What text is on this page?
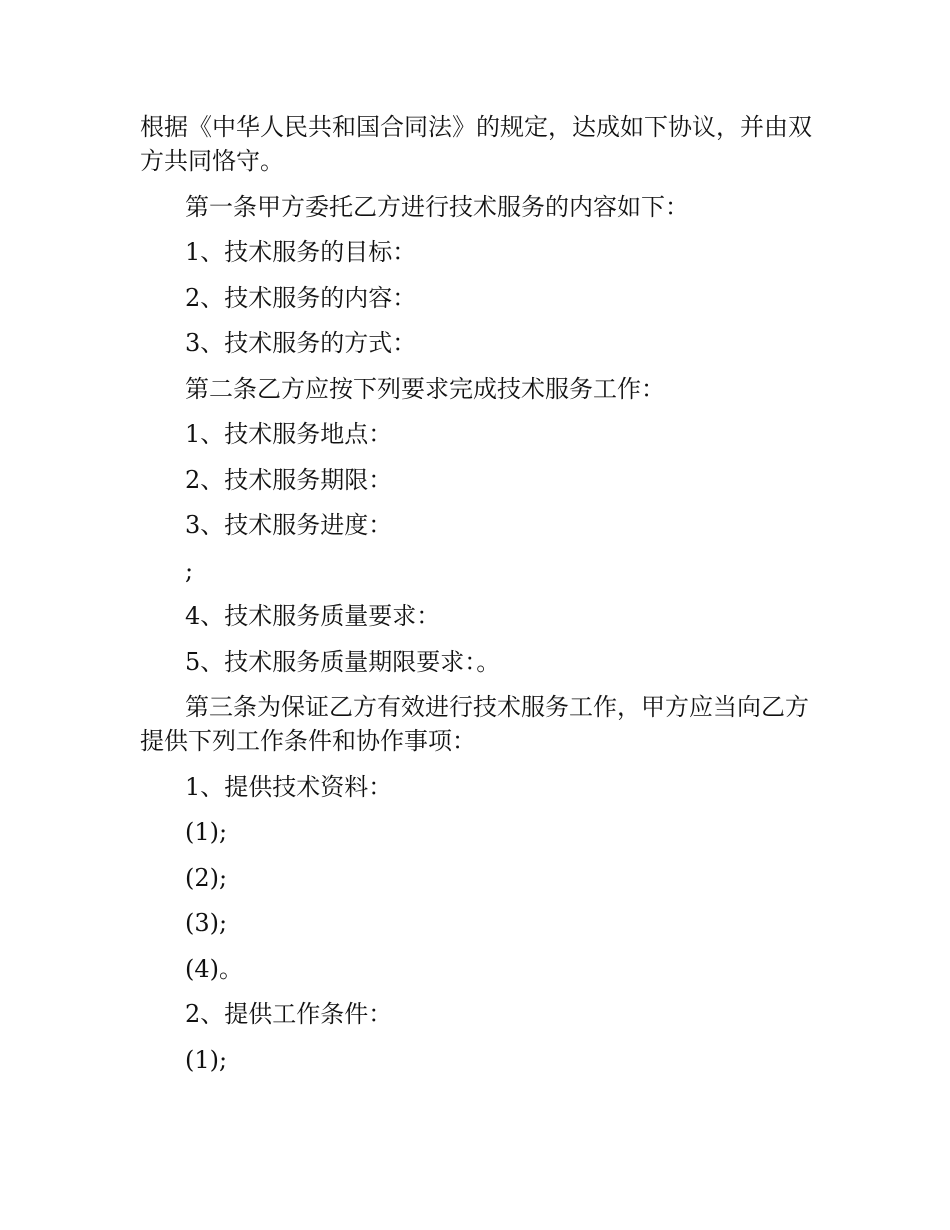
根据《中华人民共和国合同法》的规定，达成如下协议，并由双方共同恪守。

第一条甲方委托乙方进行技术服务的内容如下：

1、技术服务的目标：

2、技术服务的内容：

3、技术服务的方式：

第二条乙方应按下列要求完成技术服务工作：

1、技术服务地点：

2、技术服务期限：

3、技术服务进度：

;

4、技术服务质量要求：

5、技术服务质量期限要求：。

第三条为保证乙方有效进行技术服务工作，甲方应当向乙方提供下列工作条件和协作事项：

1、提供技术资料：

(1);

(2);

(3);

(4)。

2、提供工作条件：

(1);
